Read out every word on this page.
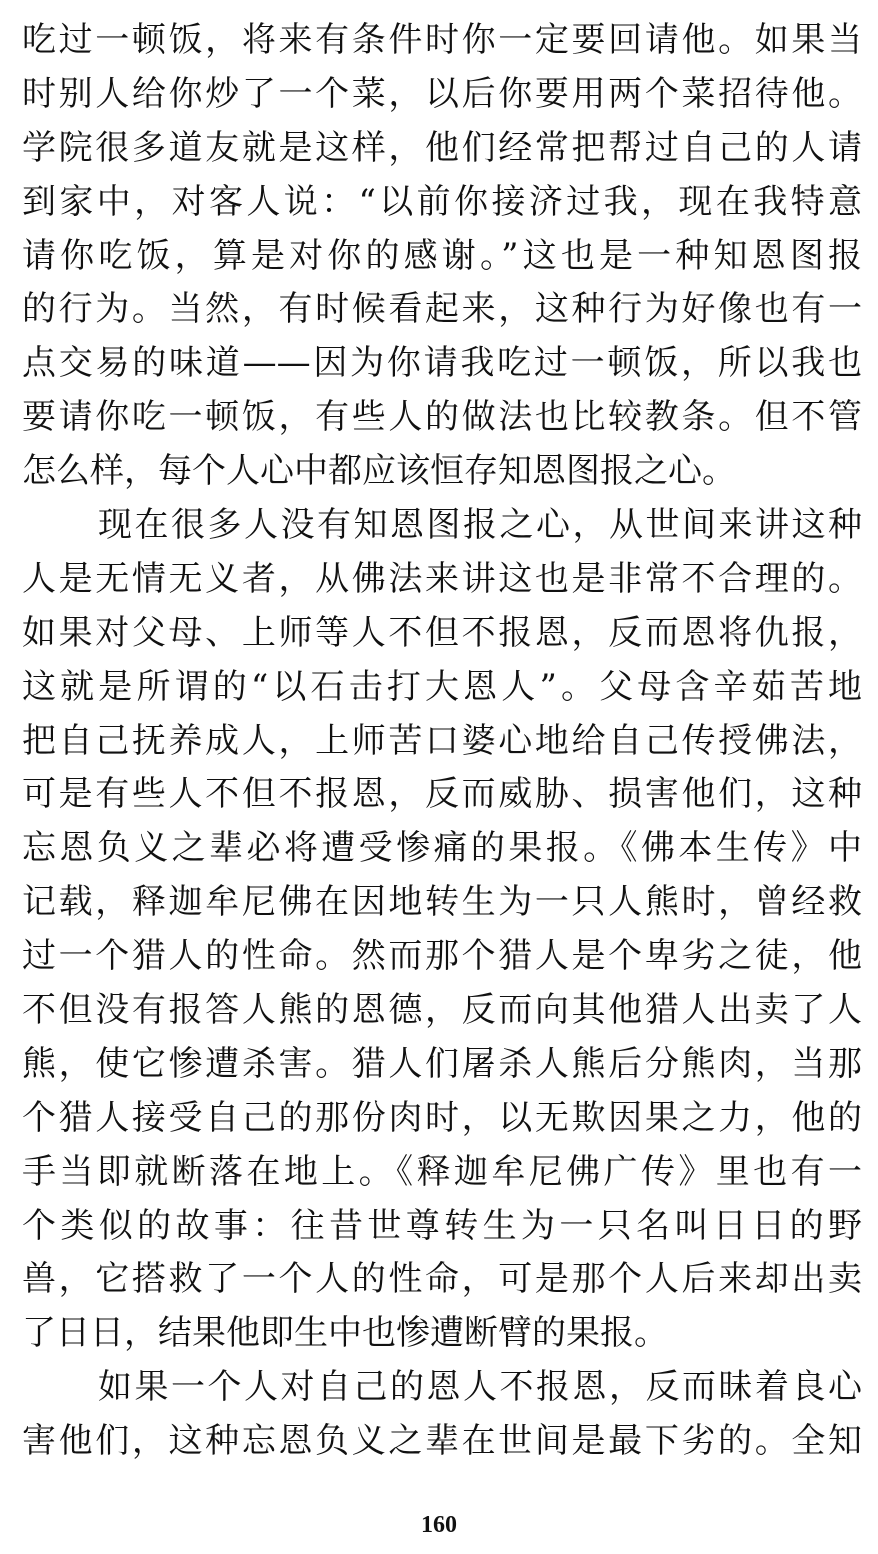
吃过一顿饭，将来有条件时你一定要回请他。如果当
时别人给你炒了一个菜，以后你要用两个菜招待他。
学院很多道友就是这样，他们经常把帮过自己的人请
到家中，对客人说：“以前你接济过我，现在我特意
请你吃饭，算是对你的感谢。”这也是一种知恩图报
的行为。当然，有时候看起来，这种行为好像也有一
点交易的味道——因为你请我吃过一顿饭，所以我也
要请你吃一顿饭，有些人的做法也比较教条。但不管
怎么样，每个人心中都应该恒存知恩图报之心。
现在很多人没有知恩图报之心，从世间来讲这种
人是无情无义者，从佛法来讲这也是非常不合理的。
如果对父母、上师等人不但不报恩，反而恩将仇报，
这就是所谓的“以石击打大恩人”。父母含辛茹苦地
把自己抚养成人，上师苦口婆心地给自己传授佛法，
可是有些人不但不报恩，反而威胁、损害他们，这种
忘恩负义之辈必将遭受惨痛的果报。《佛本生传》中
记载，释迦牟尼佛在因地转生为一只人熊时，曾经救
过一个猎人的性命。然而那个猎人是个卑劣之徒，他
不但没有报答人熊的恩德，反而向其他猎人出卖了人
熊，使它惨遭杀害。猎人们屠杀人熊后分熊肉，当那
个猎人接受自己的那份肉时，以无欺因果之力，他的
手当即就断落在地上。《释迦牟尼佛广传》里也有一
个类似的故事：往昔世尊转生为一只名叫日日的野
兽，它搭救了一个人的性命，可是那个人后来却出卖
了日日，结果他即生中也惨遭断臂的果报。
如果一个人对自己的恩人不报恩，反而昧着良心
害他们，这种忘恩负义之辈在世间是最下劣的。全知
160
